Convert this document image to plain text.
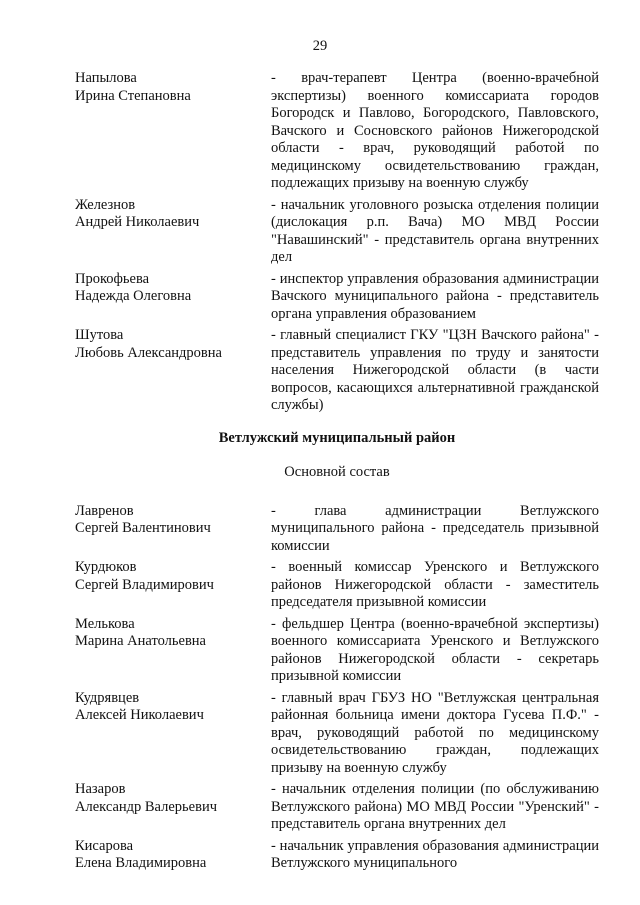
29
Напылова
Ирина Степановна
- врач-терапевт Центра (военно-врачебной экспертизы) военного комиссариата городов Богородск и Павлово, Богородского, Павловского, Вачского и Сосновского районов Нижегородской области - врач, руководящий работой по медицинскому освидетельствованию граждан, подлежащих призыву на военную службу
Железнов
Андрей Николаевич
- начальник уголовного розыска отделения полиции (дислокация р.п. Вача) МО МВД России "Навашинский" - представитель органа внутренних дел
Прокофьева
Надежда Олеговна
- инспектор управления образования администрации Вачского муниципального района - представитель органа управления образованием
Шутова
Любовь Александровна
- главный специалист ГКУ "ЦЗН Вачского района" - представитель управления по труду и занятости населения Нижегородской области (в части вопросов, касающихся альтернативной гражданской службы)
Ветлужский муниципальный район
Основной состав
Лавренов
Сергей Валентинович
- глава администрации Ветлужского муниципального района - председатель призывной комиссии
Курдюков
Сергей Владимирович
- военный комиссар Уренского и Ветлужского районов Нижегородской области - заместитель председателя призывной комиссии
Мелькова
Марина Анатольевна
- фельдшер Центра (военно-врачебной экспертизы) военного комиссариата Уренского и Ветлужского районов Нижегородской области - секретарь призывной комиссии
Кудрявцев
Алексей Николаевич
- главный врач ГБУЗ НО "Ветлужская центральная районная больница имени доктора Гусева П.Ф." - врач, руководящий работой по медицинскому освидетельствованию граждан, подлежащих призыву на военную службу
Назаров
Александр Валерьевич
- начальник отделения полиции (по обслуживанию Ветлужского района) МО МВД России "Уренский" - представитель органа внутренних дел
Кисарова
Елена Владимировна
- начальник управления образования администрации Ветлужского муниципального
